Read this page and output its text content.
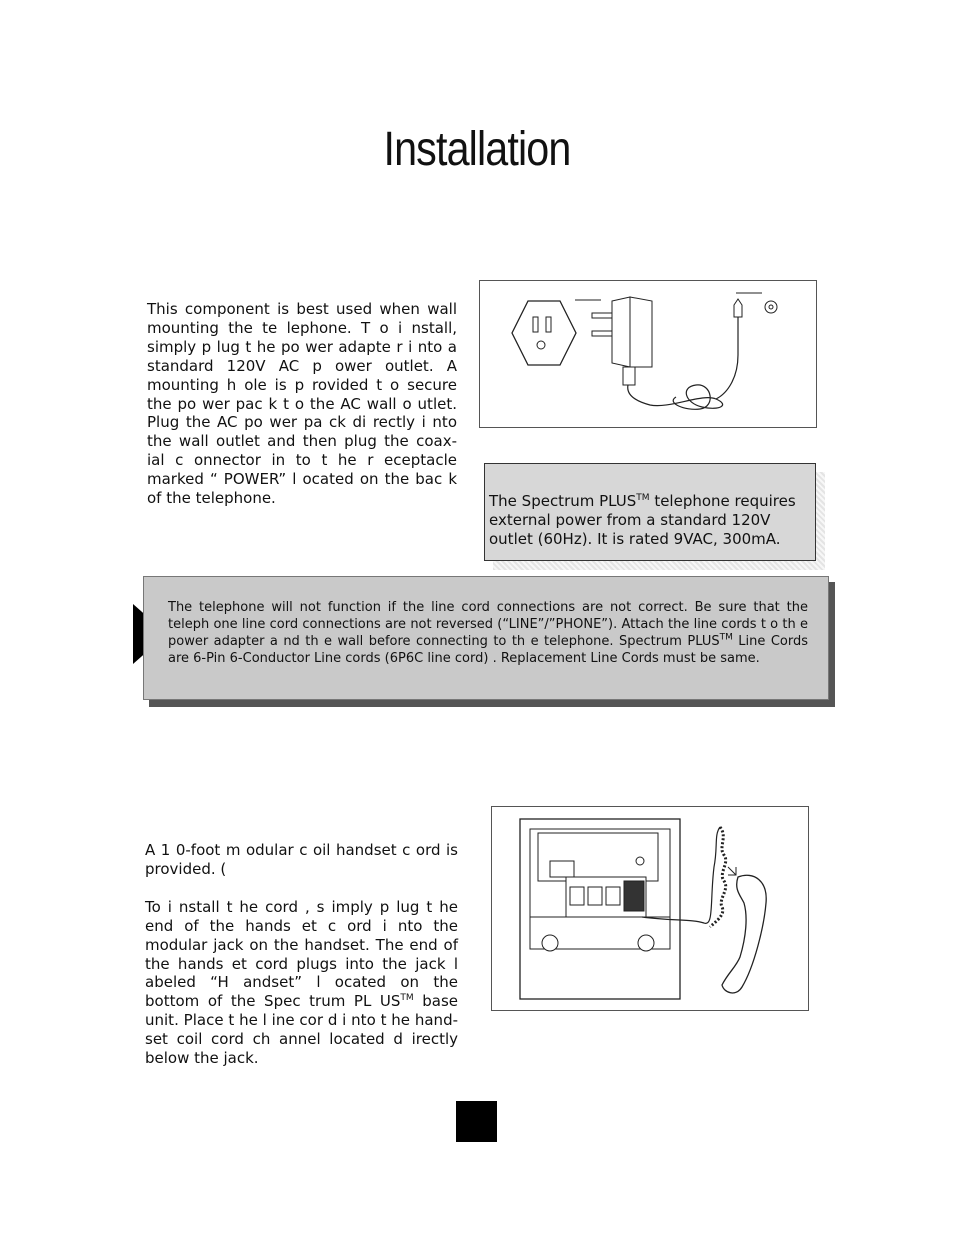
Installation
This component is best used when wall mounting the te lephone. T o i nstall, simply p lug t he po wer adapte r i nto a standard 120V AC p ower outlet. A mounting h ole is p rovided t o secure the po wer pac k t o the AC wall o utlet. Plug the AC po wer pa ck di rectly i nto the wall outlet and then plug the coax- ial c onnector in to t he r eceptacle marked “ POWER” l ocated on the bac k of the telephone.	The Spectrum PLUS™ telephone requires external power from a standard 120V outlet (60Hz). It is rated 9VAC, 300mA.
The telephone will not function if the line cord connections are not correct. Be sure that the teleph one line cord connections are not reversed (“LINE”/”PHONE”). Attach the line cords t o th e power adapter a nd th e wall before connecting to th e telephone. Spectrum PLUS™ Line Cords are 6-Pin 6-Conductor Line cords (6P6C line cord) . Replacement Line Cords must be same.
A 1 0-foot m odular c oil handset c ord is provided. (
To i nstall t he cord , s imply p lug t he end of the hands et c ord i nto the modular jack on the handset. The end of the hands et cord plugs into the jack l abeled “H andset” l ocated on the bottom of the Spec trum PL US™ base unit. Place t he l ine cor d i nto t he hand- set coil cord ch annel located d irectly below the jack.
